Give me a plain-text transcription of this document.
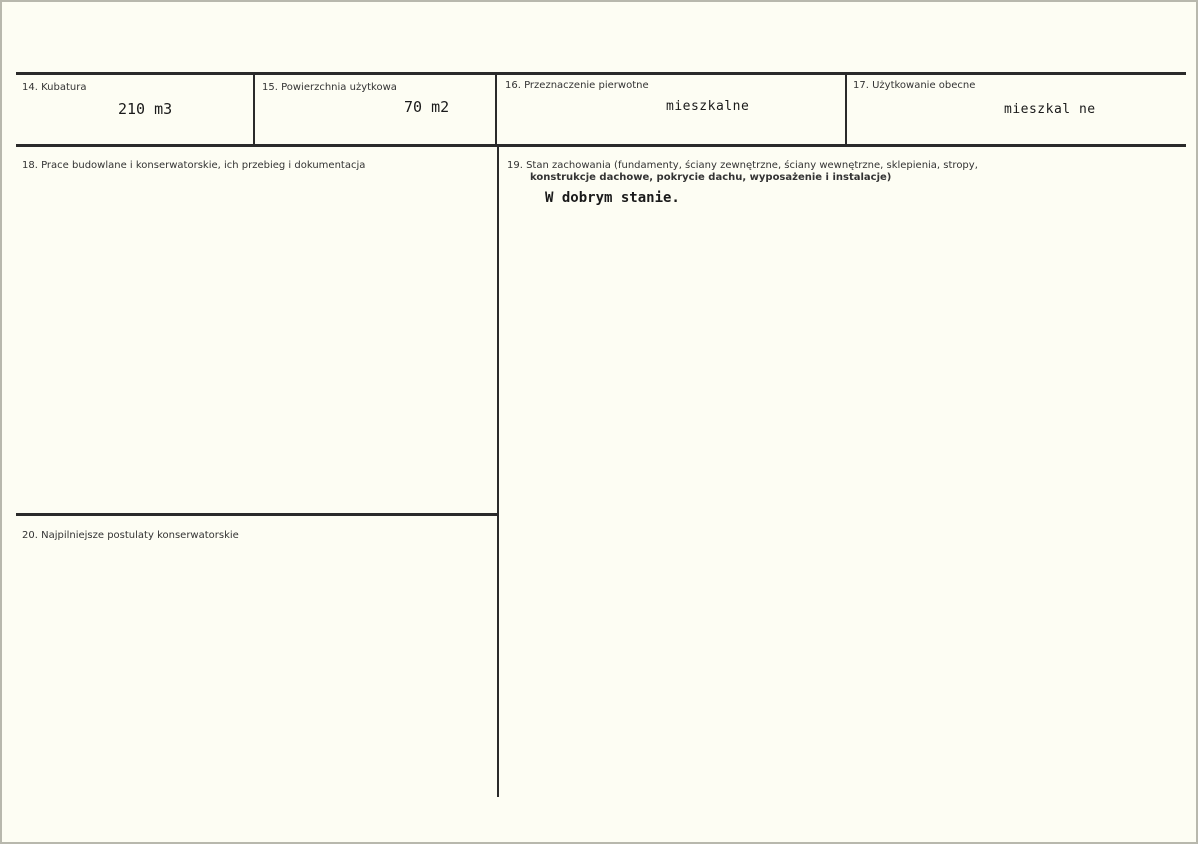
14. Kubatura
210 m3
15. Powierzchnia użytkowa
70 m2
16. Przeznaczenie pierwotne
mieszkalne
17. Użytkowanie obecne
mieszkal ne
18. Prace budowlane i konserwatorskie, ich przebieg i dokumentacja	19. Stan zachowania (fundamenty, ściany zewnętrzne, ściany wewnętrzne, sklepienia, stropy,
konstrukcje dachowe, pokrycie dachu, wyposażenie i instalacje)
W dobrym stanie.
20. Najpilniejsze postulaty konserwatorskie
